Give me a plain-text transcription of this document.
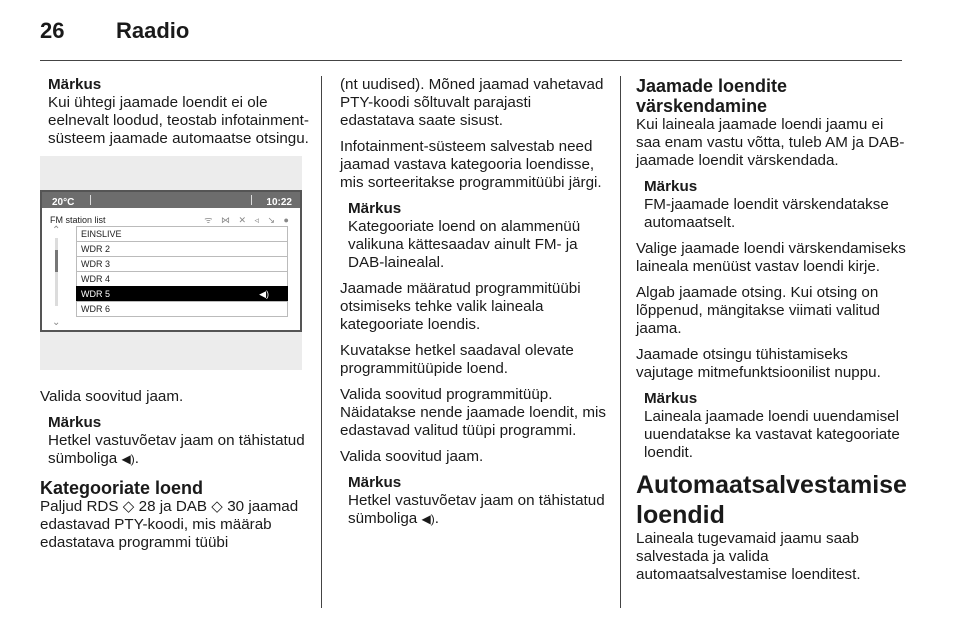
26 Raadio
Märkus
Kui ühtegi jaamade loendit ei ole eelnevalt loodud, teostab infotainment-süsteem jaamade automaatse otsingu.
20°C	10:22
FM station list	ᯤ ⋈ ✕ ◃ ↘ ●
⌃
⌄
EINSLIVE
WDR 2
WDR 3
WDR 4
WDR 5	◀)
WDR 6

Valida soovitud jaam.

Märkus
Hetkel vastuvõetav jaam on tähistatud sümboliga ◀).
Kategooriate loend

Paljud RDS ◇ 28 ja DAB ◇ 30 jaamad edastavad PTY-koodi, mis määrab edastatava programmi tüübi

(nt uudised). Mõned jaamad vahetavad PTY-koodi sõltuvalt parajasti edastatava saate sisust.

Infotainment-süsteem salvestab need jaamad vastava kategooria loendisse, mis sorteeritakse programmitüübi järgi.

Märkus
Kategooriate loend on alammenüü valikuna kättesaadav ainult FM- ja DAB-lainealal.

Jaamade määratud programmitüübi otsimiseks tehke valik laineala kategooriate loendis.

Kuvatakse hetkel saadaval olevate programmitüüpide loend.

Valida soovitud programmitüüp. Näidatakse nende jaamade loendit, mis edastavad valitud tüüpi programmi.

Valida soovitud jaam.

Märkus
Hetkel vastuvõetav jaam on tähistatud sümboliga ◀).
Jaamade loendite värskendamine

Kui laineala jaamade loendi jaamu ei saa enam vastu võtta, tuleb AM ja DAB-jaamade loendit värskendada.

Märkus
FM-jaamade loendit värskendatakse automaatselt.

Valige jaamade loendi värskendamiseks laineala menüüst vastav loendi kirje.

Algab jaamade otsing. Kui otsing on lõppenud, mängitakse viimati valitud jaama.

Jaamade otsingu tühistamiseks vajutage mitmefunktsioonilist nuppu.

Märkus
Laineala jaamade loendi uuendamisel uuendatakse ka vastavat kategooriate loendit.
Automaatsalvestamise loendid

Laineala tugevamaid jaamu saab salvestada ja valida automaatsalvestamise loenditest.
